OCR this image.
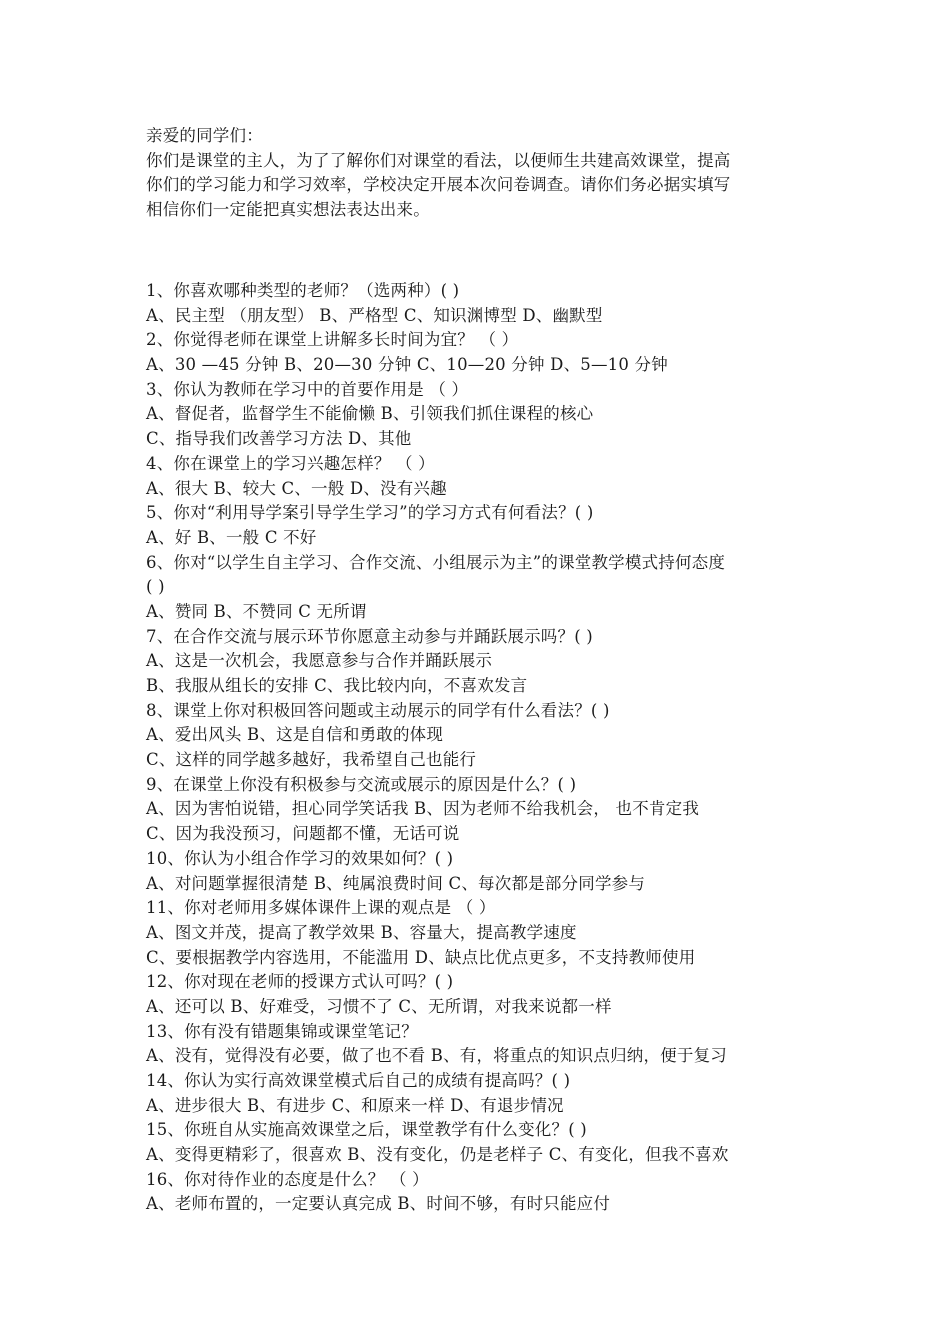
亲爱的同学们：
你们是课堂的主人，为了了解你们对课堂的看法，以便师生共建高效课堂，提高
你们的学习能力和学习效率，学校决定开展本次问卷调查。请你们务必据实填写
相信你们一定能把真实想法表达出来。
1、你喜欢哪种类型的老师？（选两种）( )
A、民主型 （朋友型） B、严格型 C、知识渊博型 D、幽默型
2、你觉得老师在课堂上讲解多长时间为宜？ （ ）
A、30 —45 分钟 B、20—30 分钟 C、10—20 分钟 D、5—10 分钟
3、你认为教师在学习中的首要作用是 （ ）
A、督促者，监督学生不能偷懒 B、引领我们抓住课程的核心
C、指导我们改善学习方法 D、其他
4、你在课堂上的学习兴趣怎样？ （ ）
A、很大 B、较大 C、一般 D、没有兴趣
5、你对“利用导学案引导学生学习”的学习方式有何看法？( )
A、好 B、一般 C 不好
6、你对“以学生自主学习、合作交流、小组展示为主”的课堂教学模式持何态度
( )
A、赞同 B、不赞同 C 无所谓
7、在合作交流与展示环节你愿意主动参与并踊跃展示吗？( )
A、这是一次机会，我愿意参与合作并踊跃展示
B、我服从组长的安排 C、我比较内向，不喜欢发言
8、课堂上你对积极回答问题或主动展示的同学有什么看法？( )
A、爱出风头 B、这是自信和勇敢的体现
C、这样的同学越多越好，我希望自己也能行
9、在课堂上你没有积极参与交流或展示的原因是什么？( )
A、因为害怕说错，担心同学笑话我 B、因为老师不给我机会， 也不肯定我
C、因为我没预习，问题都不懂，无话可说
10、你认为小组合作学习的效果如何？( )
A、对问题掌握很清楚 B、纯属浪费时间 C、每次都是部分同学参与
11、你对老师用多媒体课件上课的观点是 （ ）
A、图文并茂，提高了教学效果 B、容量大，提高教学速度
C、要根据教学内容选用，不能滥用 D、缺点比优点更多，不支持教师使用
12、你对现在老师的授课方式认可吗？( )
A、还可以 B、好难受，习惯不了 C、无所谓，对我来说都一样
13、你有没有错题集锦或课堂笔记？
A、没有，觉得没有必要，做了也不看 B、有，将重点的知识点归纳，便于复习
14、你认为实行高效课堂模式后自己的成绩有提高吗？( )
A、进步很大 B、有进步 C、和原来一样 D、有退步情况
15、你班自从实施高效课堂之后，课堂教学有什么变化？( )
A、变得更精彩了，很喜欢 B、没有变化，仍是老样子 C、有变化，但我不喜欢
16、你对待作业的态度是什么？ （ ）
A、老师布置的，一定要认真完成 B、时间不够，有时只能应付
